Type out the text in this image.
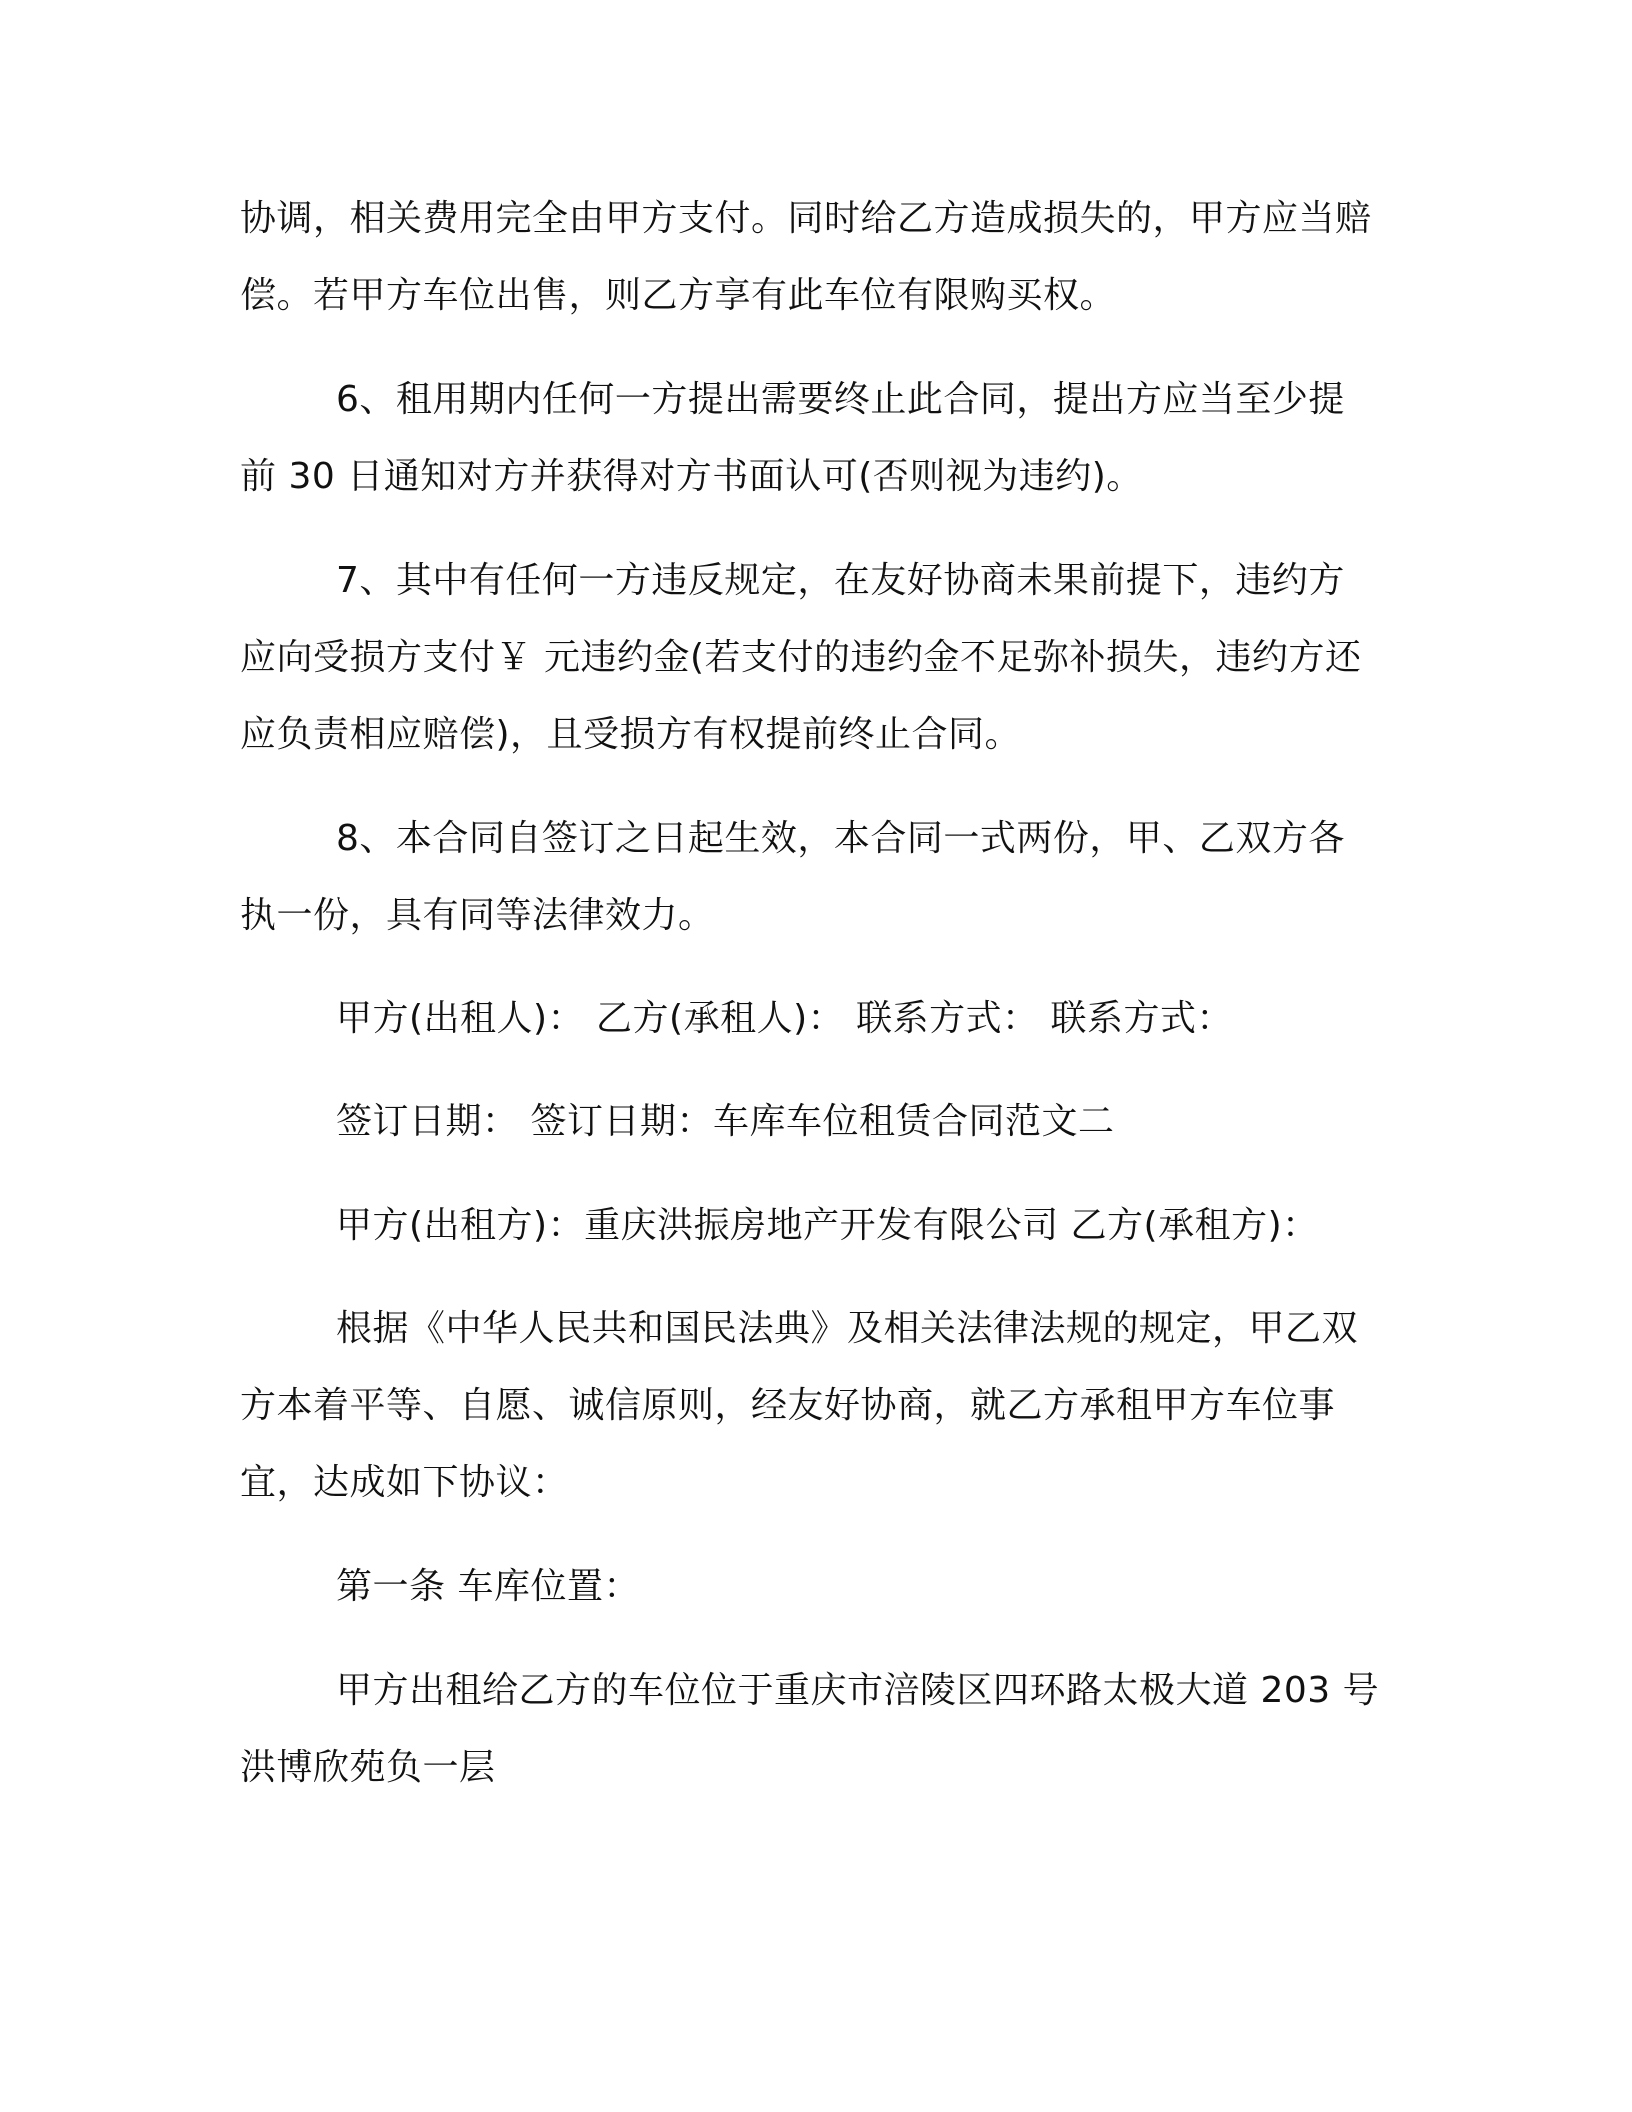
协调，相关费用完全由甲方支付。同时给乙方造成损失的，甲方应当赔偿。若甲方车位出售，则乙方享有此车位有限购买权。

6、租用期内任何一方提出需要终止此合同，提出方应当至少提前 30 日通知对方并获得对方书面认可(否则视为违约)。

7、其中有任何一方违反规定，在友好协商未果前提下，违约方应向受损方支付￥ 元违约金(若支付的违约金不足弥补损失，违约方还应负责相应赔偿)，且受损方有权提前终止合同。

8、本合同自签订之日起生效，本合同一式两份，甲、乙双方各执一份，具有同等法律效力。

甲方(出租人)： 乙方(承租人)： 联系方式： 联系方式：

签订日期： 签订日期：车库车位租赁合同范文二

甲方(出租方)：重庆洪振房地产开发有限公司 乙方(承租方)：

根据《中华人民共和国民法典》及相关法律法规的规定，甲乙双方本着平等、自愿、诚信原则，经友好协商，就乙方承租甲方车位事宜，达成如下协议：

第一条 车库位置：

甲方出租给乙方的车位位于重庆市涪陵区四环路太极大道 203 号洪博欣苑负一层
